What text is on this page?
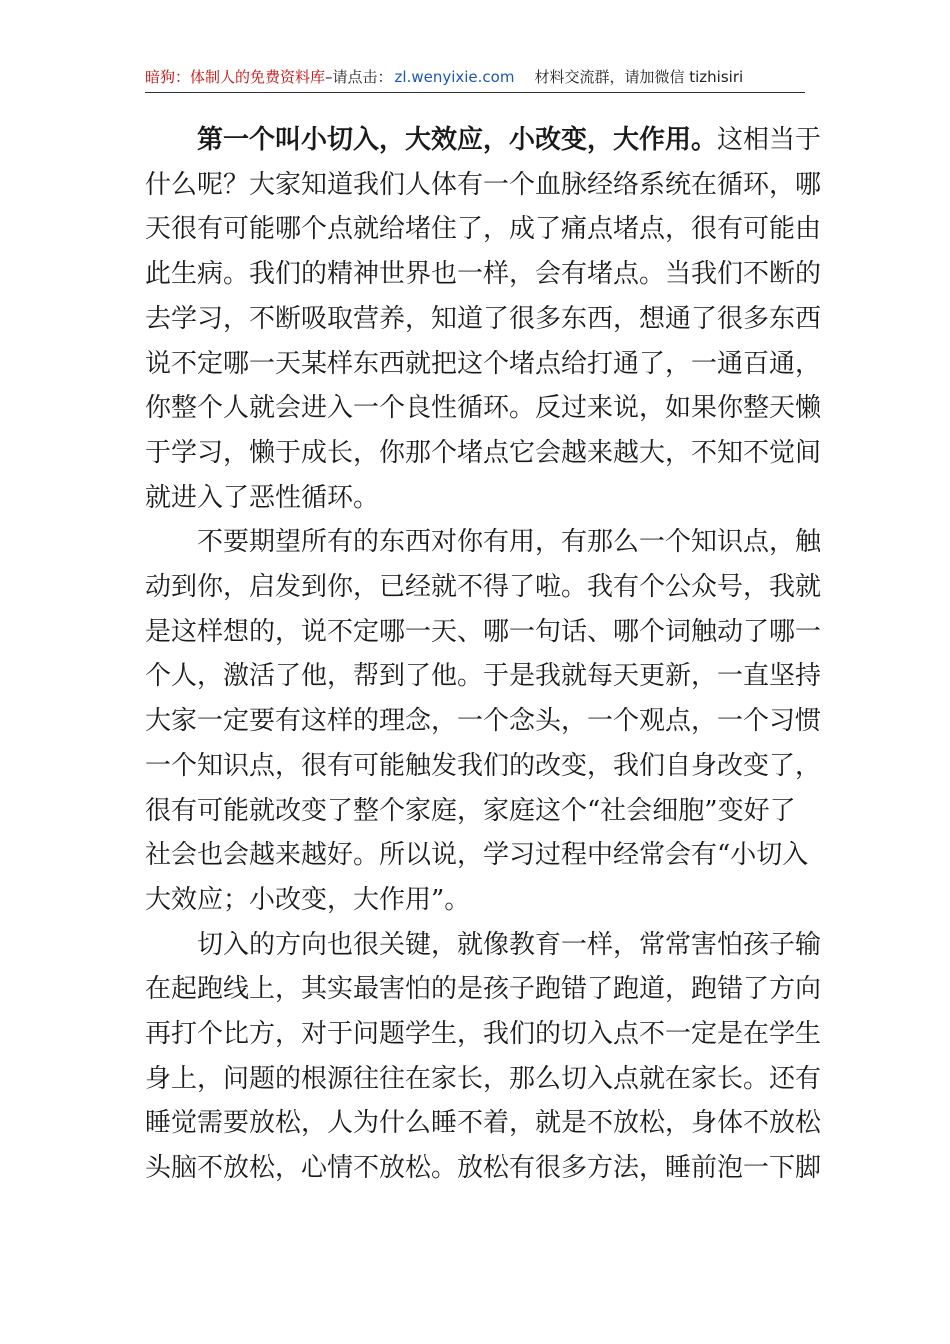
暗狗：体制人的免费资料库 –请点击： zl.wenyixie.com 材料交流群，请加微信 tizhisiri
第一个叫小切入，大效应，小改变，大作用。这相当于
什么呢？大家知道我们人体有一个血脉经络系统在循环，哪
天很有可能哪个点就给堵住了，成了痛点堵点，很有可能由
此生病。我们的精神世界也一样，会有堵点。当我们不断的
去学习，不断吸取营养，知道了很多东西，想通了很多东西
说不定哪一天某样东西就把这个堵点给打通了，一通百通，
你整个人就会进入一个良性循环。反过来说，如果你整天懒
于学习，懒于成长，你那个堵点它会越来越大，不知不觉间
就进入了恶性循环。
不要期望所有的东西对你有用，有那么一个知识点，触
动到你，启发到你，已经就不得了啦。我有个公众号，我就
是这样想的，说不定哪一天、哪一句话、哪个词触动了哪一
个人，激活了他，帮到了他。于是我就每天更新，一直坚持
大家一定要有这样的理念，一个念头，一个观点，一个习惯
一个知识点，很有可能触发我们的改变，我们自身改变了，
很有可能就改变了整个家庭，家庭这个“社会细胞”变好了
社会也会越来越好。所以说，学习过程中经常会有“小切入
大效应；小改变，大作用”。
切入的方向也很关键，就像教育一样，常常害怕孩子输
在起跑线上，其实最害怕的是孩子跑错了跑道，跑错了方向
再打个比方，对于问题学生，我们的切入点不一定是在学生
身上，问题的根源往往在家长，那么切入点就在家长。还有
睡觉需要放松，人为什么睡不着，就是不放松，身体不放松
头脑不放松，心情不放松。放松有很多方法，睡前泡一下脚
